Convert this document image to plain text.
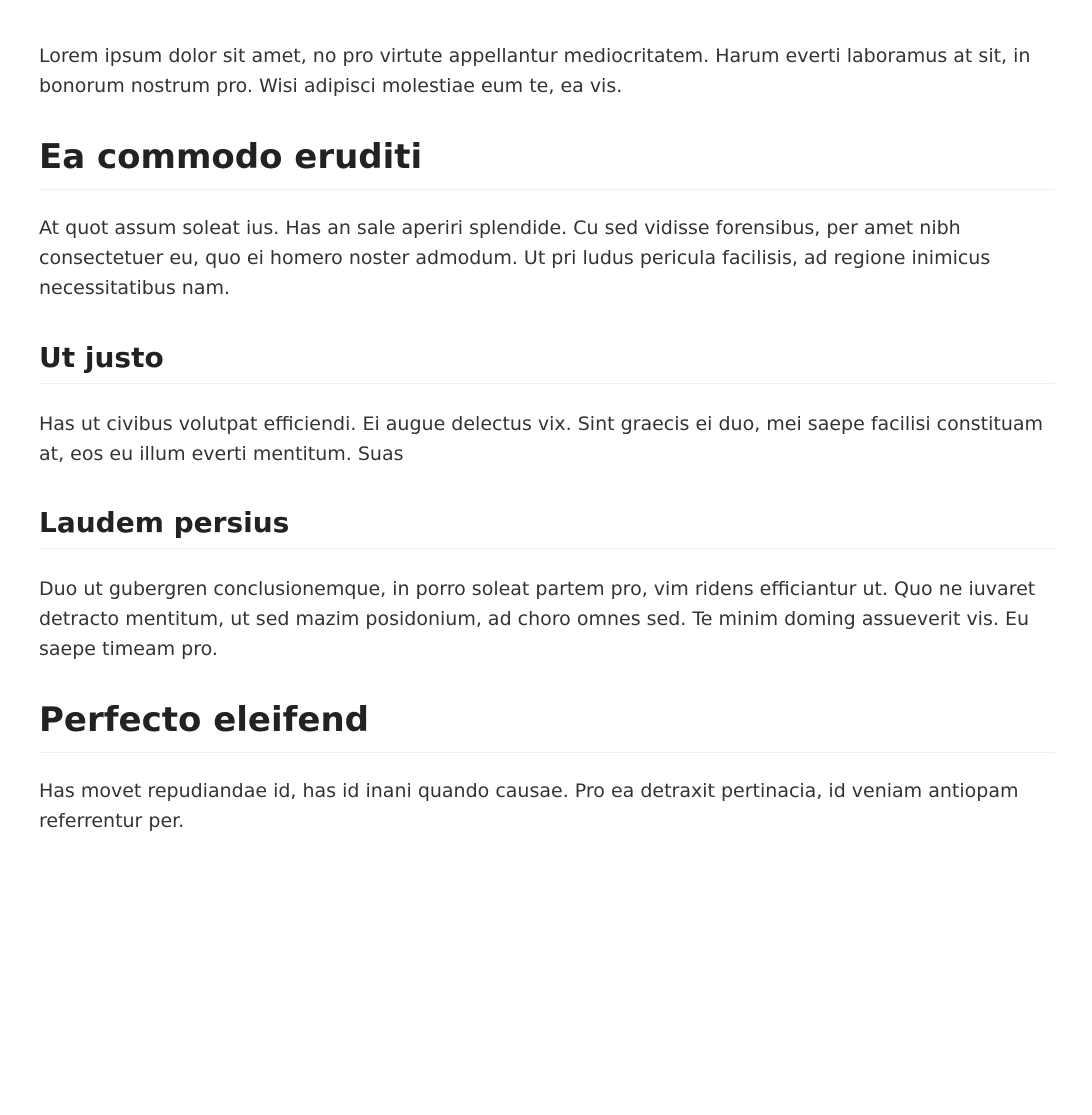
Lorem ipsum dolor sit amet, no pro virtute appellantur mediocritatem. Harum everti laboramus at sit, in bonorum nostrum pro. Wisi adipisci molestiae eum te, ea vis.

Ea commodo eruditi

At quot assum soleat ius. Has an sale aperiri splendide. Cu sed vidisse forensibus, per amet nibh consectetuer eu, quo ei homero noster admodum. Ut pri ludus pericula facilisis, ad regione inimicus necessitatibus nam.

Ut justo

Has ut civibus volutpat efficiendi. Ei augue delectus vix. Sint graecis ei duo, mei saepe facilisi constituam at, eos eu illum everti mentitum. Suas

Laudem persius

Duo ut gubergren conclusionemque, in porro soleat partem pro, vim ridens efficiantur ut. Quo ne iuvaret detracto mentitum, ut sed mazim posidonium, ad choro omnes sed. Te minim doming assueverit vis. Eu saepe timeam pro.

Perfecto eleifend

Has movet repudiandae id, has id inani quando causae. Pro ea detraxit pertinacia, id veniam antiopam referrentur per.
